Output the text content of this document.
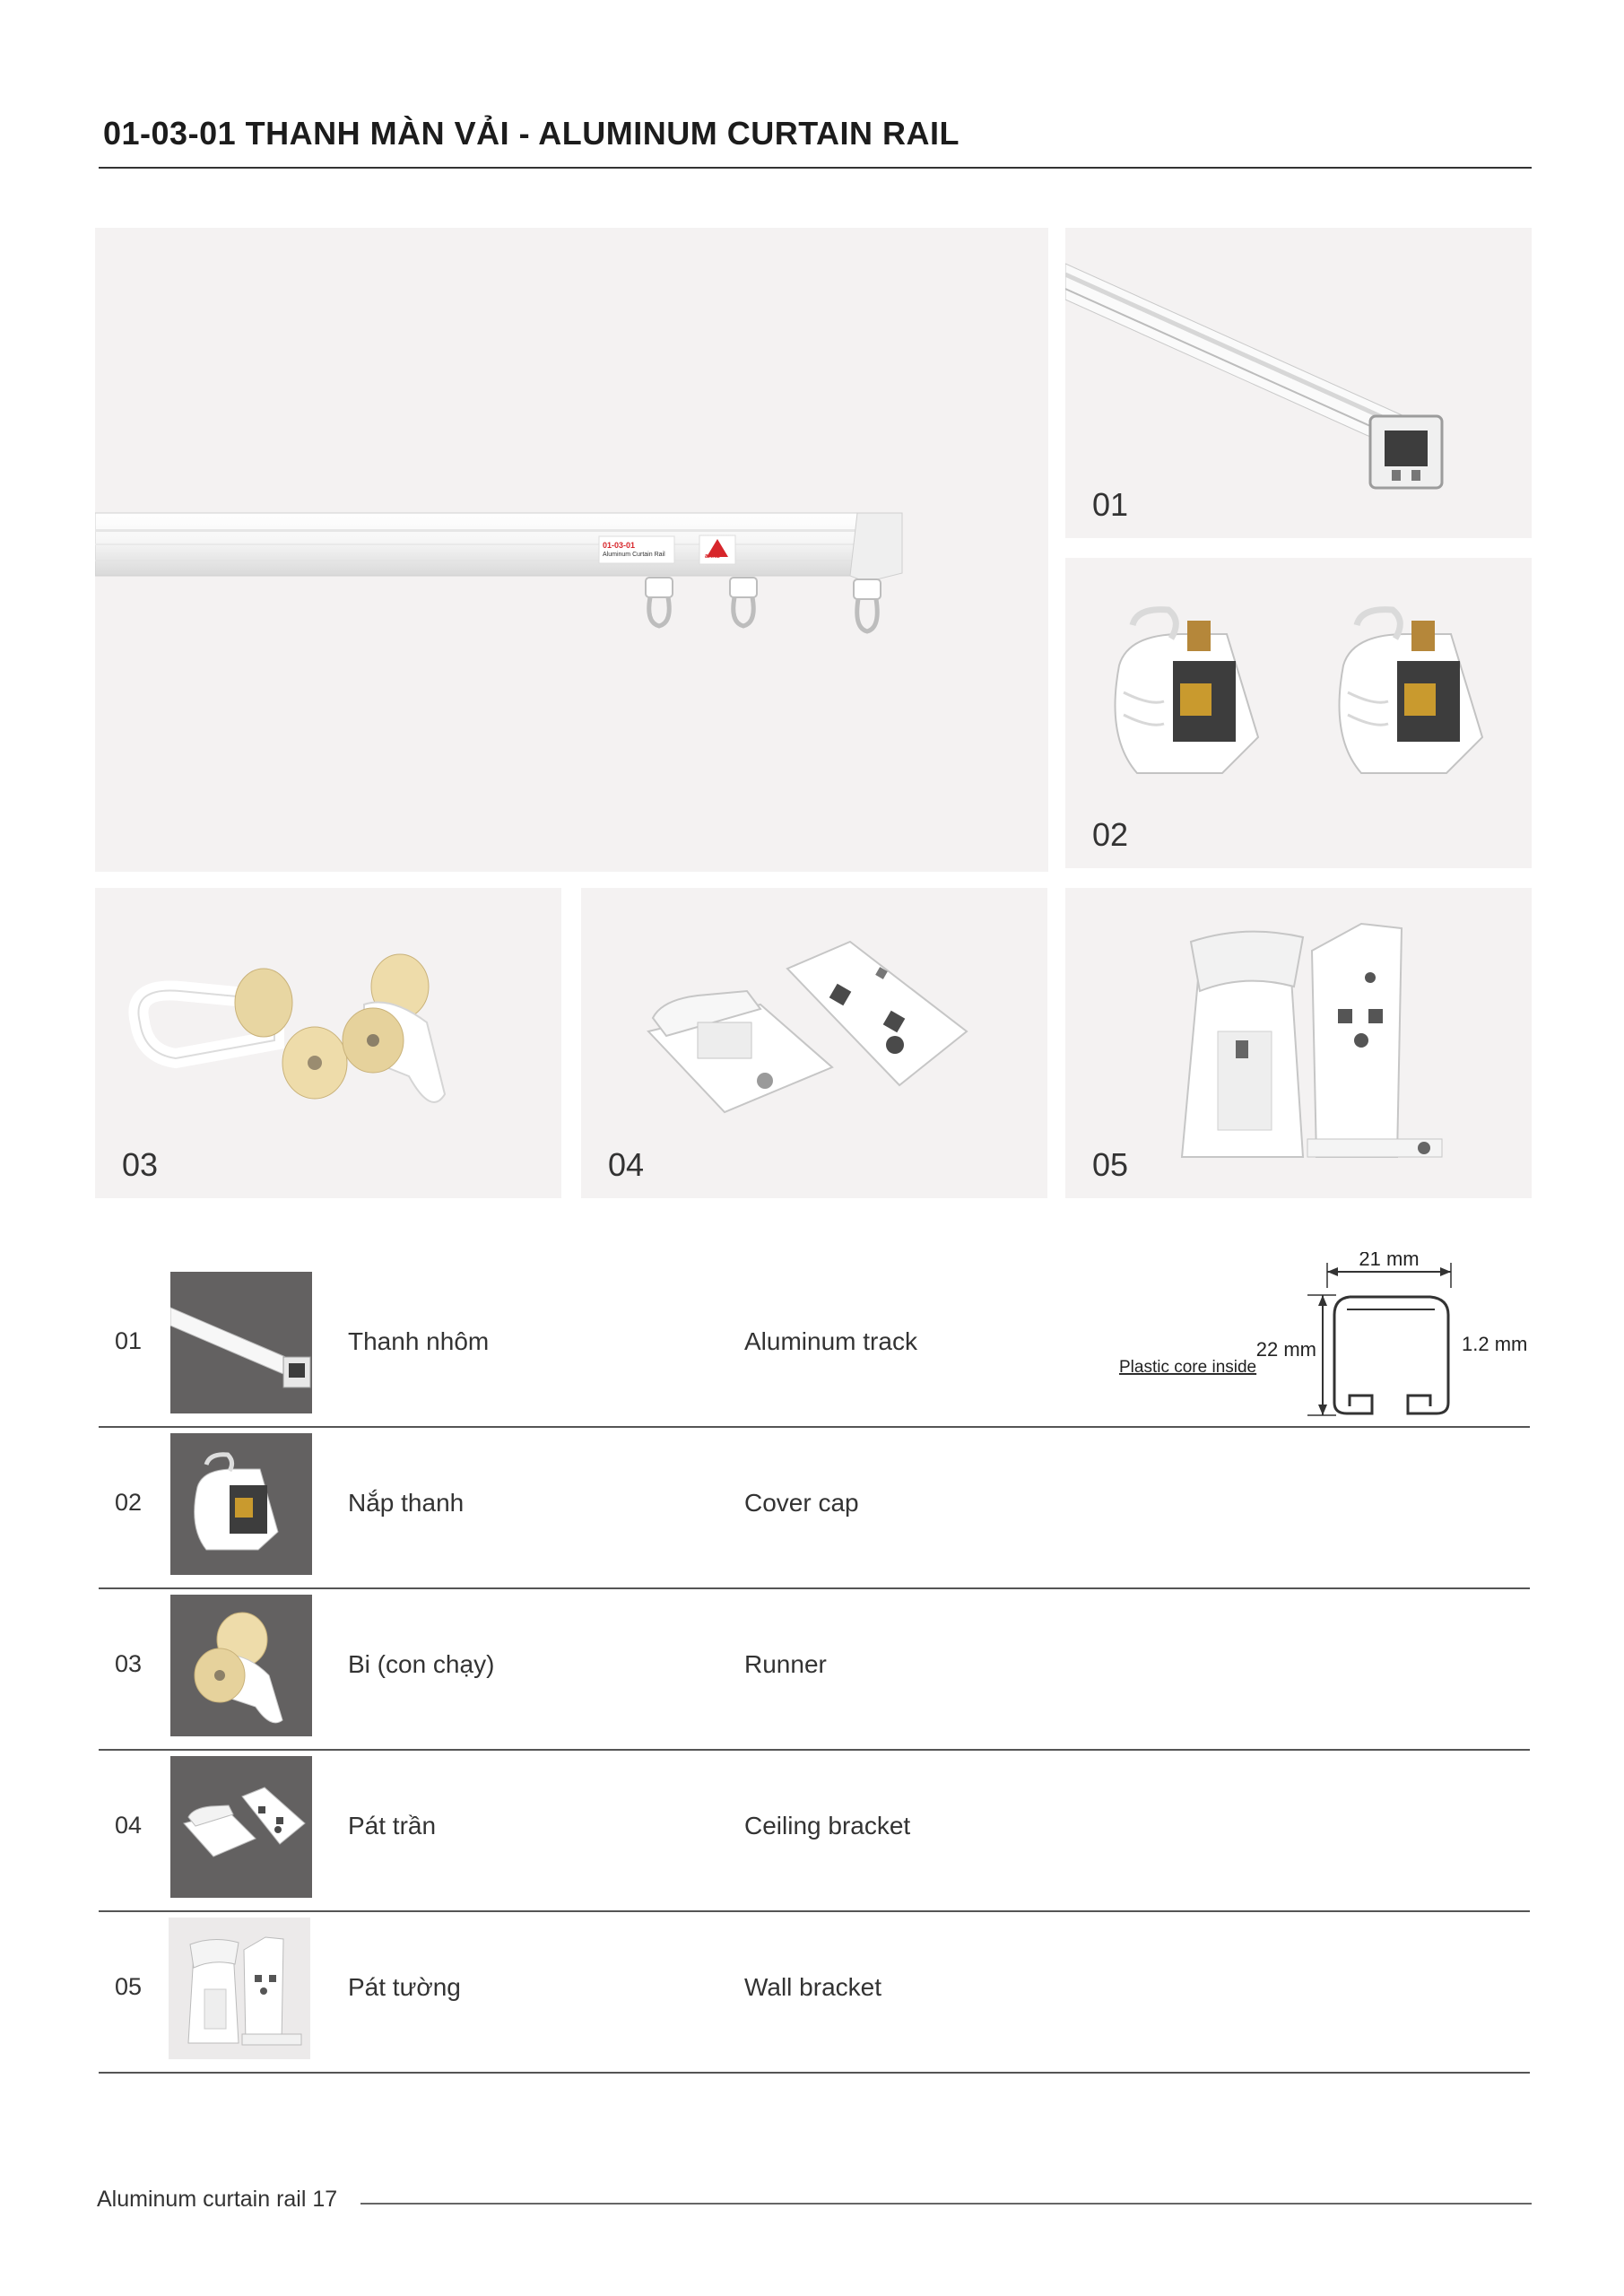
01-03-01 THANH MÀN VẢI - ALUMINUM CURTAIN RAIL
01-03-01
Aluminum Curtain Rail	anna
01
02
03	04	05
01	Thanh nhôm	Aluminum track
21 mm
22 mm	1.2 mm
Plastic core inside
02	Nắp thanh	Cover cap
03	Bi (con chạy)	Runner
04	Pát trần	Ceiling bracket
05	Pát tường	Wall bracket
Aluminum curtain rail 17
